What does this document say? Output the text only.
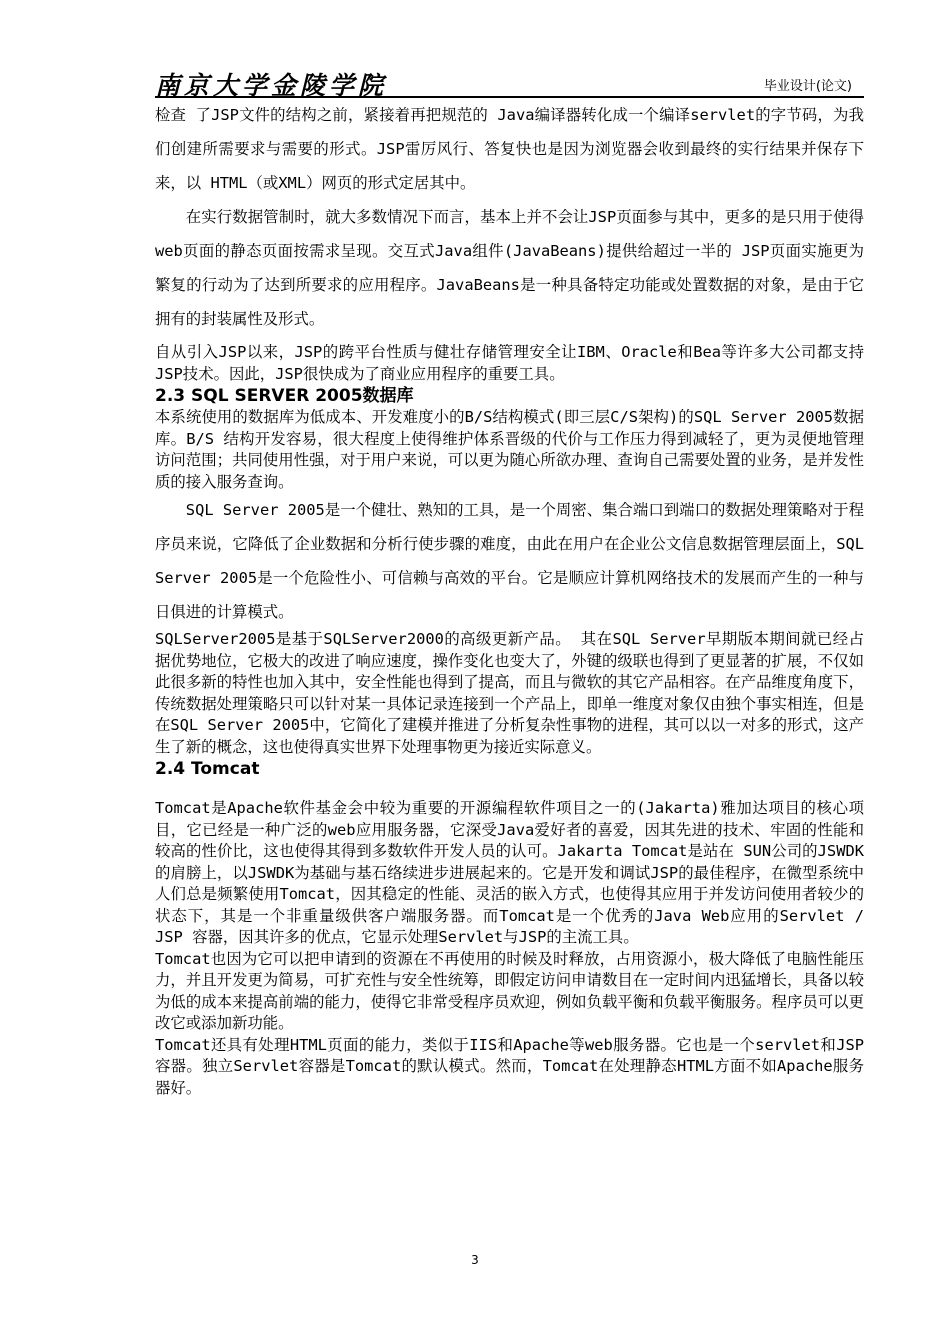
南京大学金陵学院	毕业设计(论文)

检查 了JSP文件的结构之前，紧接着再把规范的 Java编译器转化成一个编译servlet的字节码，为我们创建所需要求与需要的形式。JSP雷厉风行、答复快也是因为浏览器会收到最终的实行结果并保存下来，以 HTML（或XML）网页的形式定居其中。

在实行数据管制时，就大多数情况下而言，基本上并不会让JSP页面参与其中，更多的是只用于使得web页面的静态页面按需求呈现。交互式Java组件(JavaBeans)提供给超过一半的 JSP页面实施更为繁复的行动为了达到所要求的应用程序。JavaBeans是一种具备特定功能或处置数据的对象，是由于它拥有的封装属性及形式。

自从引入JSP以来，JSP的跨平台性质与健壮存储管理安全让IBM、Oracle和Bea等许多大公司都支持JSP技术。因此，JSP很快成为了商业应用程序的重要工具。

2.3 SQL SERVER 2005数据库

本系统使用的数据库为低成本、开发难度小的B/S结构模式(即三层C/S架构)的SQL Server 2005数据库。B/S 结构开发容易，很大程度上使得维护体系晋级的代价与工作压力得到减轻了，更为灵便地管理访问范围；共同使用性强，对于用户来说，可以更为随心所欲办理、查询自己需要处置的业务，是并发性质的接入服务查询。

SQL Server 2005是一个健壮、熟知的工具，是一个周密、集合端口到端口的数据处理策略对于程序员来说，它降低了企业数据和分析行使步骤的难度，由此在用户在企业公文信息数据管理层面上，SQL Server 2005是一个危险性小、可信赖与高效的平台。它是顺应计算机网络技术的发展而产生的一种与日俱进的计算模式。

SQLServer2005是基于SQLServer2000的高级更新产品。 其在SQL Server早期版本期间就已经占据优势地位，它极大的改进了响应速度，操作变化也变大了，外键的级联也得到了更显著的扩展，不仅如此很多新的特性也加入其中，安全性能也得到了提高，而且与微软的其它产品相容。在产品维度角度下，传统数据处理策略只可以针对某一具体记录连接到一个产品上，即单一维度对象仅由独个事实相连，但是在SQL Server 2005中，它简化了建模并推进了分析复杂性事物的进程，其可以以一对多的形式，这产生了新的概念，这也使得真实世界下处理事物更为接近实际意义。

2.4 Tomcat

Tomcat是Apache软件基金会中较为重要的开源编程软件项目之一的(Jakarta)雅加达项目的核心项目，它已经是一种广泛的web应用服务器，它深受Java爱好者的喜爱，因其先进的技术、牢固的性能和较高的性价比，这也使得其得到多数软件开发人员的认可。Jakarta Tomcat是站在 SUN公司的JSWDK的肩膀上，以JSWDK为基础与基石络续进步进展起来的。它是开发和调试JSP的最佳程序，在微型系统中人们总是频繁使用Tomcat，因其稳定的性能、灵活的嵌入方式，也使得其应用于并发访问使用者较少的状态下，其是一个非重量级供客户端服务器。而Tomcat是一个优秀的Java Web应用的Servlet / JSP 容器，因其许多的优点，它显示处理Servlet与JSP的主流工具。

Tomcat也因为它可以把申请到的资源在不再使用的时候及时释放，占用资源小，极大降低了电脑性能压力，并且开发更为简易，可扩充性与安全性统筹，即假定访问申请数目在一定时间内迅猛增长，具备以较为低的成本来提高前端的能力，使得它非常受程序员欢迎，例如负载平衡和负载平衡服务。程序员可以更改它或添加新功能。

Tomcat还具有处理HTML页面的能力，类似于IIS和Apache等web服务器。它也是一个servlet和JSP容器。独立Servlet容器是Tomcat的默认模式。然而，Tomcat在处理静态HTML方面不如Apache服务器好。

3
